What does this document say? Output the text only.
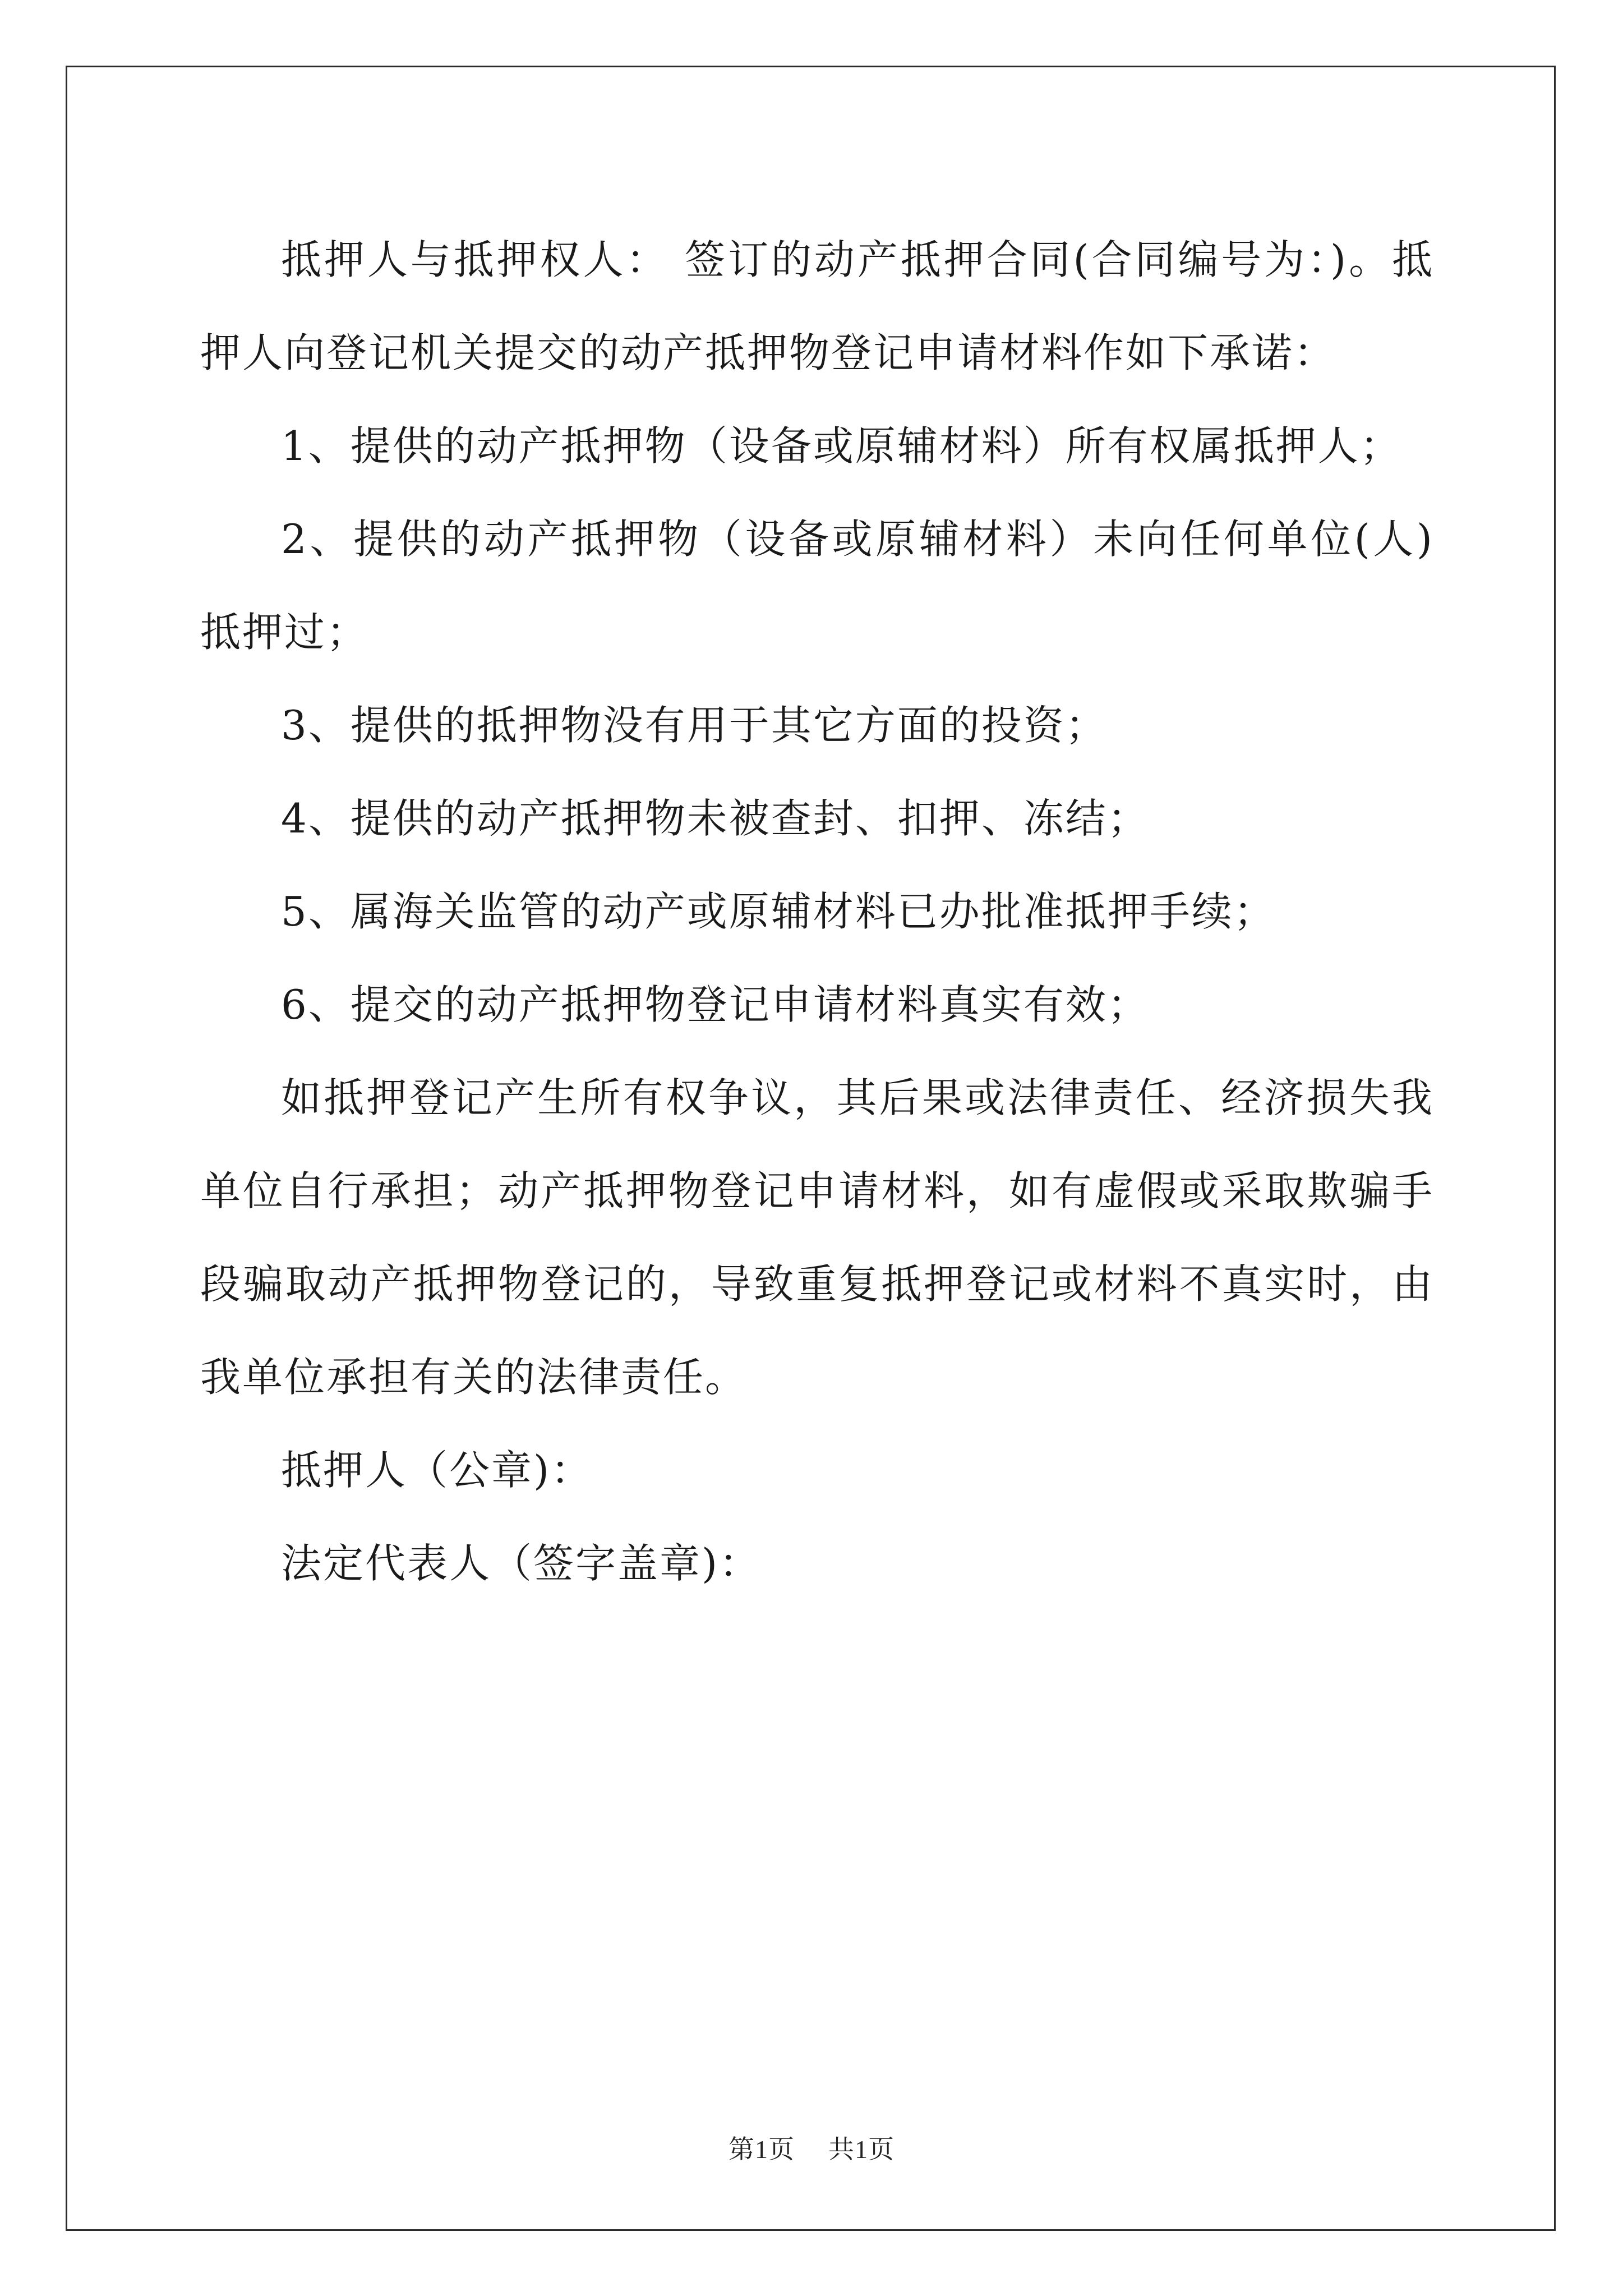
抵押人与抵押权人： 签订的动产抵押合同(合同编号为：)。抵押人向登记机关提交的动产抵押物登记申请材料作如下承诺：

1、提供的动产抵押物（设备或原辅材料）所有权属抵押人；

2、提供的动产抵押物（设备或原辅材料）未向任何单位(人)抵押过；

3、提供的抵押物没有用于其它方面的投资；

4、提供的动产抵押物未被查封、扣押、冻结；

5、属海关监管的动产或原辅材料已办批准抵押手续；

6、提交的动产抵押物登记申请材料真实有效；

如抵押登记产生所有权争议，其后果或法律责任、经济损失我单位自行承担；动产抵押物登记申请材料，如有虚假或采取欺骗手段骗取动产抵押物登记的，导致重复抵押登记或材料不真实时，由我单位承担有关的法律责任。

抵押人（公章)：

法定代表人（签字盖章)：

第1页 共1页
